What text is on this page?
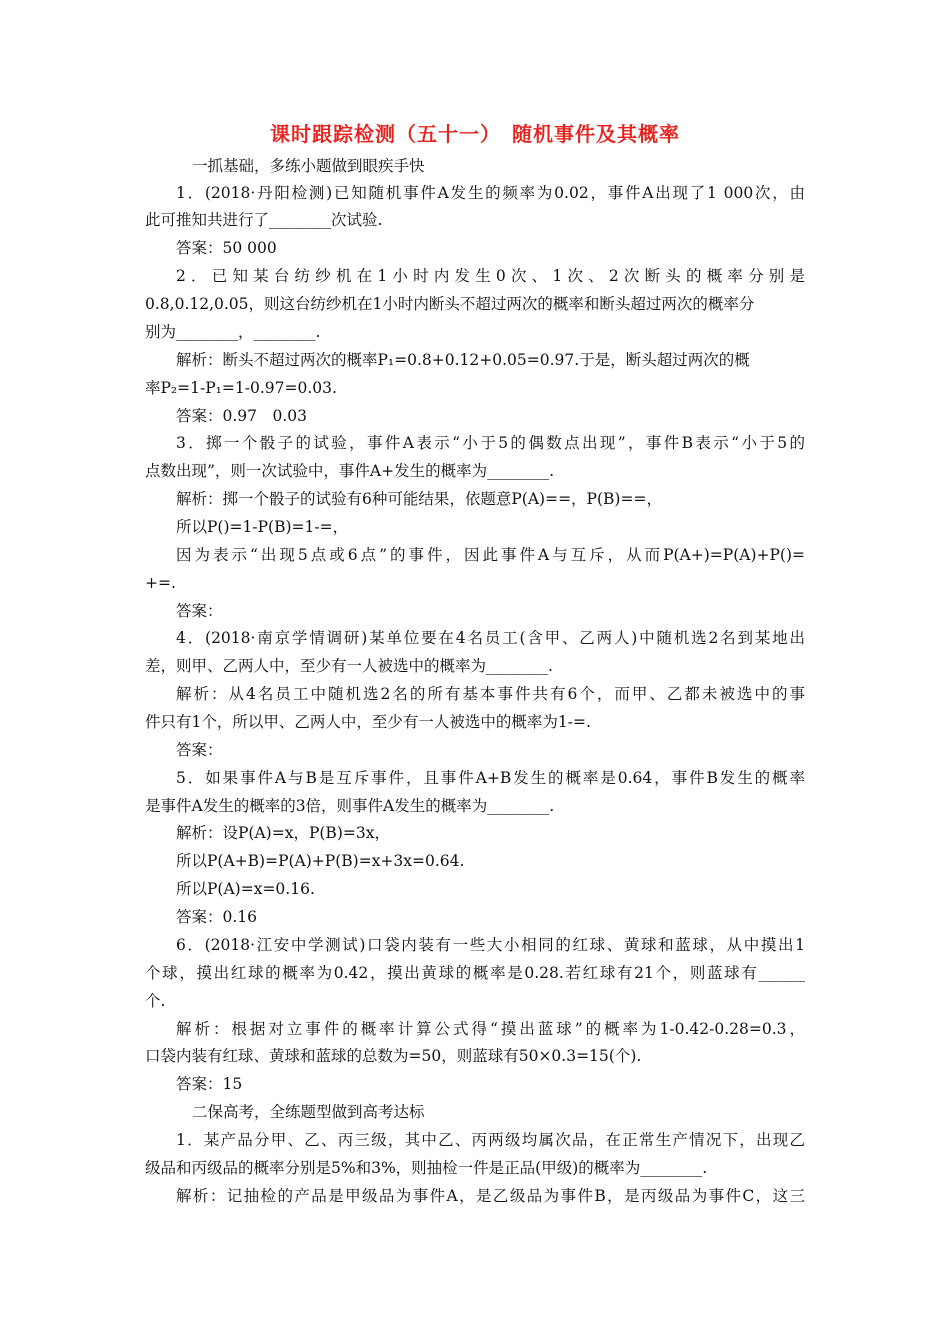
课时跟踪检测（五十一）　随机事件及其概率
一抓基础，多练小题做到眼疾手快
1．(2018·丹阳检测)已知随机事件A发生的频率为0.02，事件A出现了1 000次，由
此可推知共进行了________次试验.
答案：50 000
2．已知某台纺纱机在1小时内发生0次、1次、2次断头的概率分别是
0.8,0.12,0.05，则这台纺纱机在1小时内断头不超过两次的概率和断头超过两次的概率分
别为________，________.
解析：断头不超过两次的概率P₁=0.8+0.12+0.05=0.97.于是，断头超过两次的概
率P₂=1-P₁=1-0.97=0.03.
答案：0.97　0.03
3．掷一个骰子的试验，事件A表示“小于5的偶数点出现”，事件B表示“小于5的
点数出现”，则一次试验中，事件A+发生的概率为________.
解析：掷一个骰子的试验有6种可能结果，依题意P(A)==，P(B)==，
所以P()=1-P(B)=1-=，
因为表示“出现5点或6点”的事件，因此事件A与互斥，从而P(A+)=P(A)+P()=
+=.
答案：
4．(2018·南京学情调研)某单位要在4名员工(含甲、乙两人)中随机选2名到某地出
差，则甲、乙两人中，至少有一人被选中的概率为________.
解析：从4名员工中随机选2名的所有基本事件共有6个，而甲、乙都未被选中的事
件只有1个，所以甲、乙两人中，至少有一人被选中的概率为1-=.
答案：
5．如果事件A与B是互斥事件，且事件A+B发生的概率是0.64，事件B发生的概率
是事件A发生的概率的3倍，则事件A发生的概率为________.
解析：设P(A)=x，P(B)=3x，
所以P(A+B)=P(A)+P(B)=x+3x=0.64.
所以P(A)=x=0.16.
答案：0.16
6．(2018·江安中学测试)口袋内装有一些大小相同的红球、黄球和蓝球，从中摸出1
个球，摸出红球的概率为0.42，摸出黄球的概率是0.28.若红球有21个，则蓝球有______
个.
解析：根据对立事件的概率计算公式得“摸出蓝球”的概率为1-0.42-0.28=0.3，
口袋内装有红球、黄球和蓝球的总数为=50，则蓝球有50×0.3=15(个).
答案：15
二保高考，全练题型做到高考达标
1．某产品分甲、乙、丙三级，其中乙、丙两级均属次品，在正常生产情况下，出现乙
级品和丙级品的概率分别是5%和3%，则抽检一件是正品(甲级)的概率为________.
解析：记抽检的产品是甲级品为事件A，是乙级品为事件B，是丙级品为事件C，这三
